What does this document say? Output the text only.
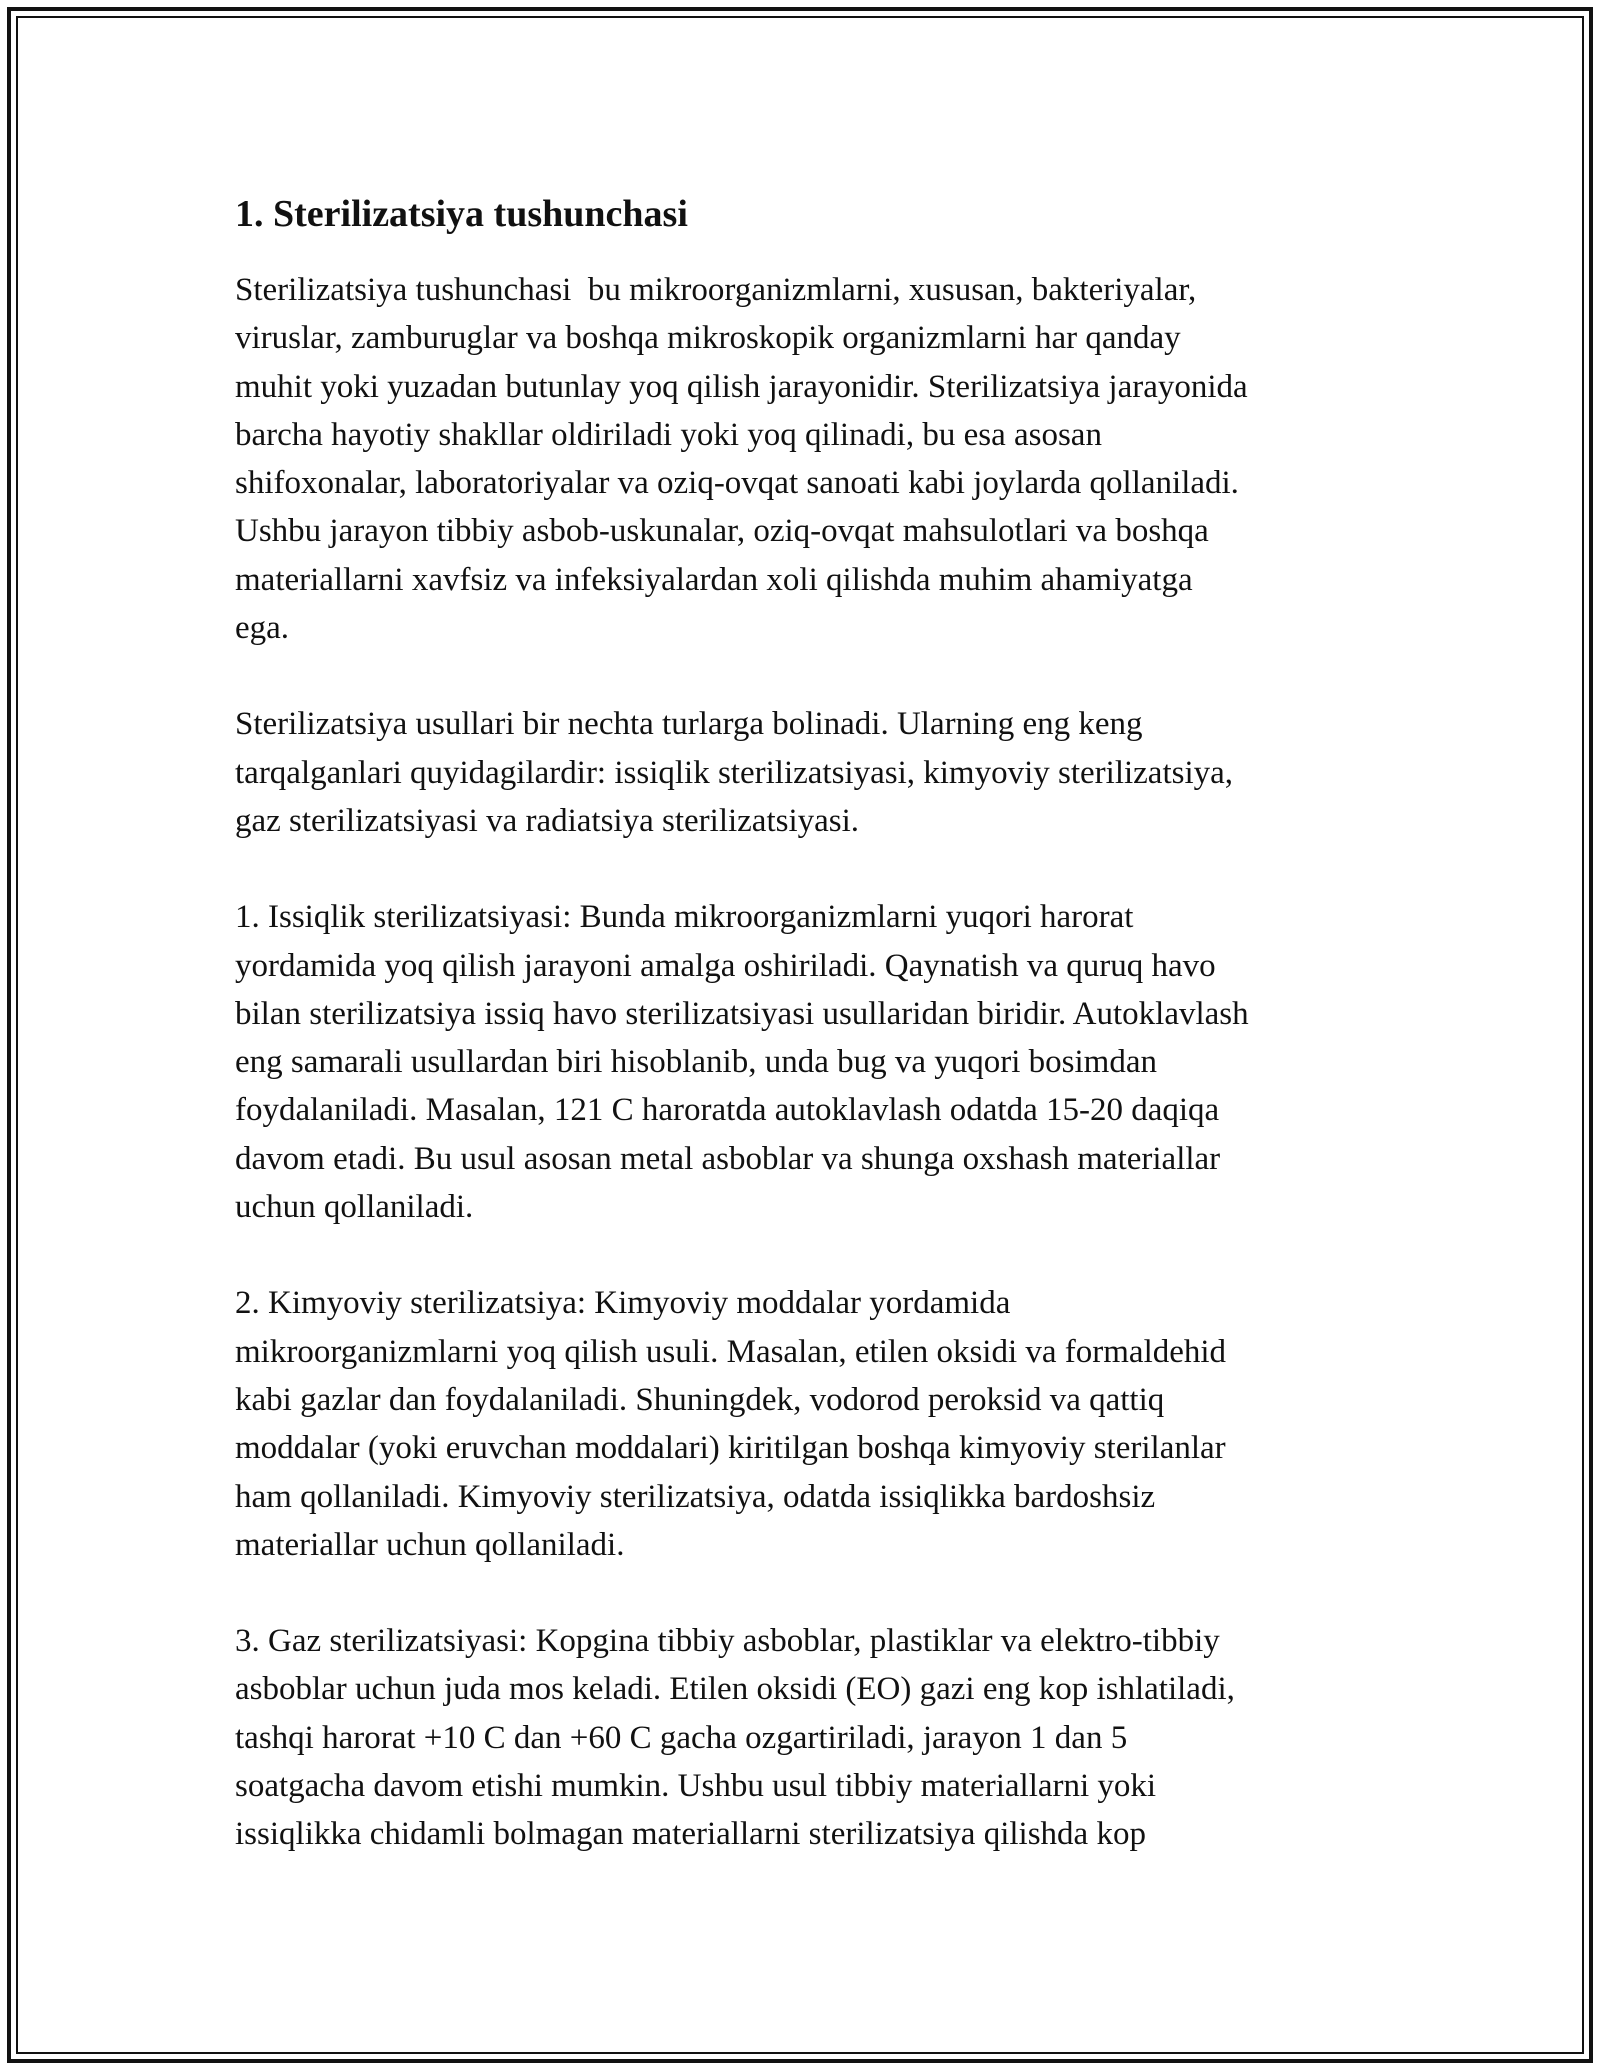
1. Sterilizatsiya tushunchasi
Sterilizatsiya tushunchasi  bu mikroorganizmlarni, xususan, bakteriyalar,
viruslar, zamburuglar va boshqa mikroskopik organizmlarni har qanday
muhit yoki yuzadan butunlay yoq qilish jarayonidir. Sterilizatsiya jarayonida
barcha hayotiy shakllar oldiriladi yoki yoq qilinadi, bu esa asosan
shifoxonalar, laboratoriyalar va oziq-ovqat sanoati kabi joylarda qollaniladi.
Ushbu jarayon tibbiy asbob-uskunalar, oziq-ovqat mahsulotlari va boshqa
materiallarni xavfsiz va infeksiyalardan xoli qilishda muhim ahamiyatga
ega.
Sterilizatsiya usullari bir nechta turlarga bolinadi. Ularning eng keng
tarqalganlari quyidagilardir: issiqlik sterilizatsiyasi, kimyoviy sterilizatsiya,
gaz sterilizatsiyasi va radiatsiya sterilizatsiyasi.
1. Issiqlik sterilizatsiyasi: Bunda mikroorganizmlarni yuqori harorat
yordamida yoq qilish jarayoni amalga oshiriladi. Qaynatish va quruq havo
bilan sterilizatsiya issiq havo sterilizatsiyasi usullaridan biridir. Autoklavlash
eng samarali usullardan biri hisoblanib, unda bug va yuqori bosimdan
foydalaniladi. Masalan, 121 C haroratda autoklavlash odatda 15-20 daqiqa
davom etadi. Bu usul asosan metal asboblar va shunga oxshash materiallar
uchun qollaniladi.
2. Kimyoviy sterilizatsiya: Kimyoviy moddalar yordamida
mikroorganizmlarni yoq qilish usuli. Masalan, etilen oksidi va formaldehid
kabi gazlar dan foydalaniladi. Shuningdek, vodorod peroksid va qattiq
moddalar (yoki eruvchan moddalari) kiritilgan boshqa kimyoviy sterilanlar
ham qollaniladi. Kimyoviy sterilizatsiya, odatda issiqlikka bardoshsiz
materiallar uchun qollaniladi.
3. Gaz sterilizatsiyasi: Kopgina tibbiy asboblar, plastiklar va elektro-tibbiy
asboblar uchun juda mos keladi. Etilen oksidi (EO) gazi eng kop ishlatiladi,
tashqi harorat +10 C dan +60 C gacha ozgartiriladi, jarayon 1 dan 5
soatgacha davom etishi mumkin. Ushbu usul tibbiy materiallarni yoki
issiqlikka chidamli bolmagan materiallarni sterilizatsiya qilishda kop
